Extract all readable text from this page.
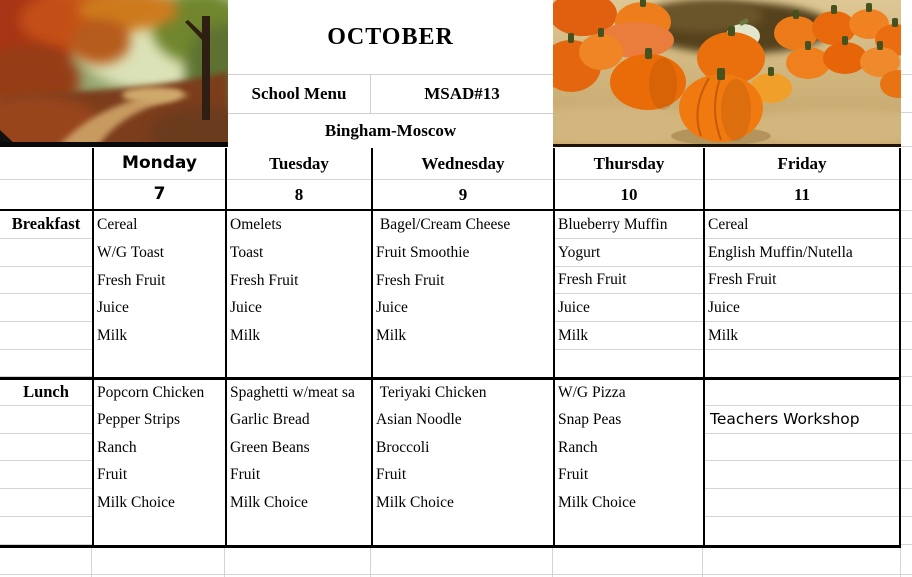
OCTOBER
School Menu	MSAD#13
Bingham-Moscow
Breakfast
Lunch
Monday
7
Cereal
W/G Toast
Fresh Fruit
Juice
Milk
Popcorn Chicken
Pepper Strips
Ranch
Fruit
Milk Choice
Tuesday
8
Omelets
Toast
Fresh Fruit
Juice
Milk
Spaghetti w/meat sa
Garlic Bread
Green Beans
Fruit
Milk Choice
Wednesday
9
Bagel/Cream Cheese
Fruit Smoothie
Fresh Fruit
Juice
Milk
Teriyaki Chicken
Asian Noodle
Broccoli
Fruit
Milk Choice
Thursday
10
Blueberry Muffin
Yogurt
Fresh Fruit
Juice
Milk
W/G Pizza
Snap Peas
Ranch
Fruit
Milk Choice
Friday
11
Cereal
English Muffin/Nutella
Fresh Fruit
Juice
Milk
Teachers Workshop
